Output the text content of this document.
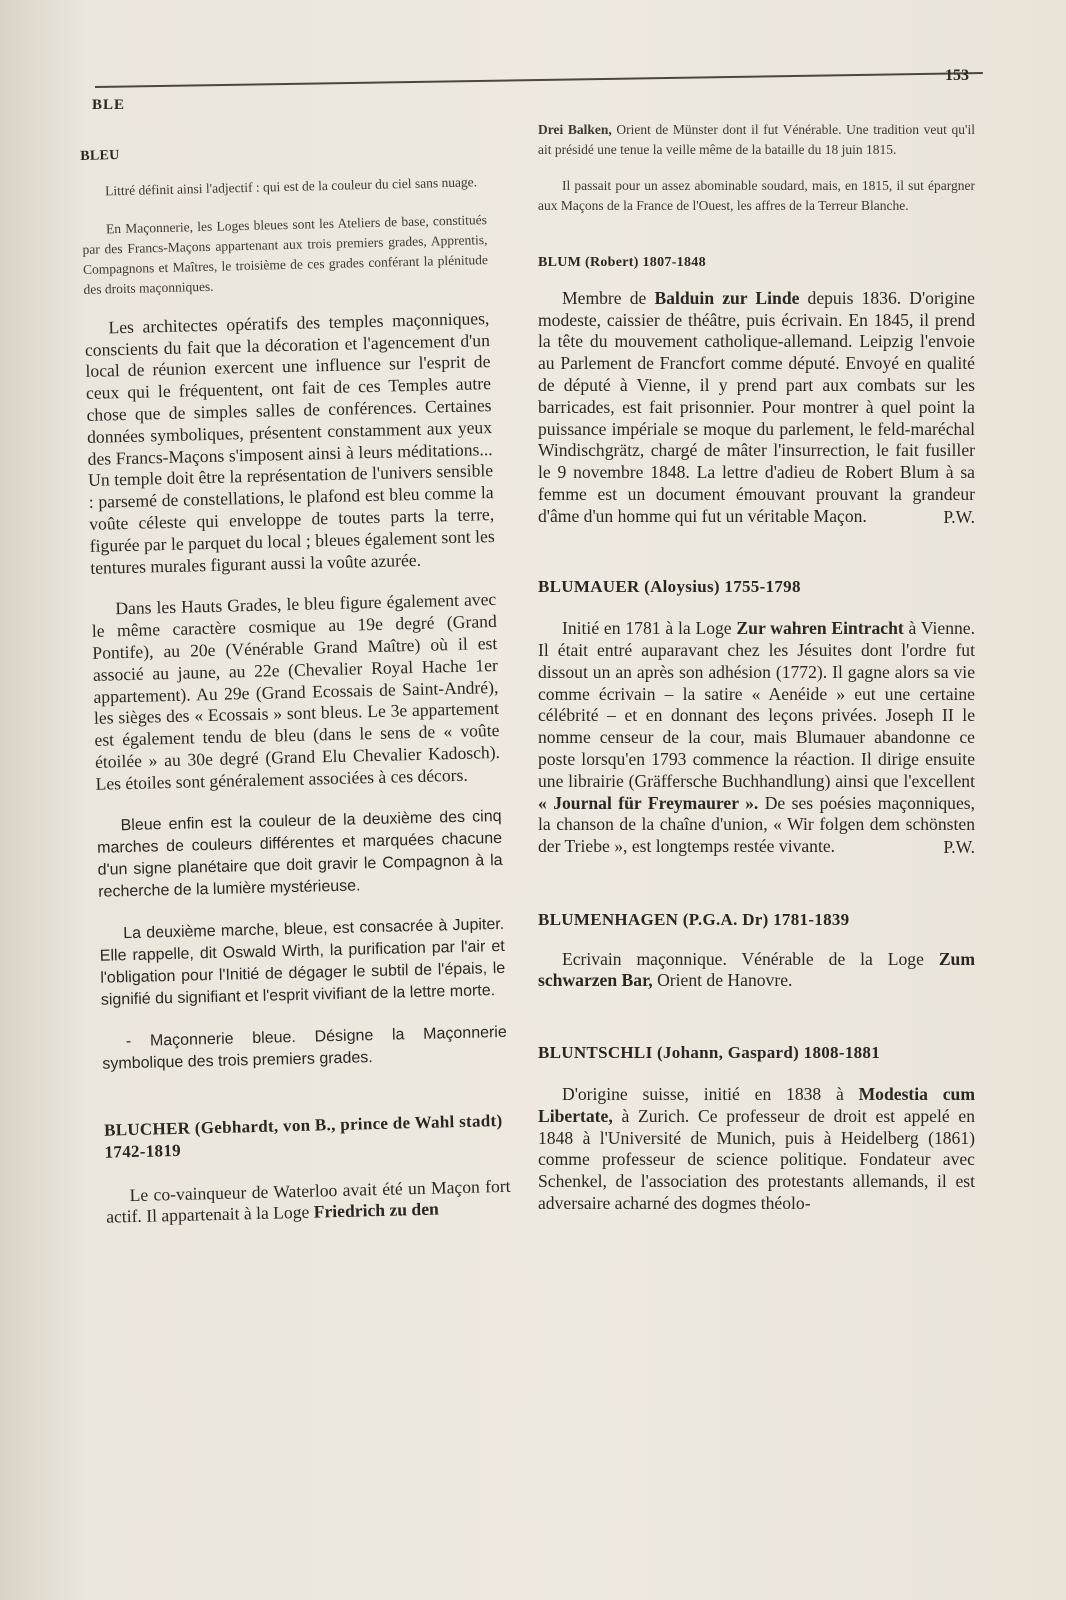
BLE
153
BLEU

Littré définit ainsi l'adjectif : qui est de la couleur du ciel sans nuage.

En Maçonnerie, les Loges bleues sont les Ateliers de base, constitués par des Francs-Maçons appartenant aux trois premiers grades, Apprentis, Compagnons et Maîtres, le troisième de ces grades conférant la plénitude des droits maçonniques.

Les architectes opératifs des temples maçonniques, conscients du fait que la décoration et l'agencement d'un local de réunion exercent une influence sur l'esprit de ceux qui le fréquentent, ont fait de ces Temples autre chose que de simples salles de conférences. Certaines données symboliques, présentent constamment aux yeux des Francs-Maçons s'imposent ainsi à leurs méditations... Un temple doit être la représentation de l'univers sensible : parsemé de constellations, le plafond est bleu comme la voûte céleste qui enveloppe de toutes parts la terre, figurée par le parquet du local ; bleues également sont les tentures murales figurant aussi la voûte azurée.

Dans les Hauts Grades, le bleu figure également avec le même caractère cosmique au 19e degré (Grand Pontife), au 20e (Vénérable Grand Maître) où il est associé au jaune, au 22e (Chevalier Royal Hache 1er appartement). Au 29e (Grand Ecossais de Saint-André), les sièges des « Ecossais » sont bleus. Le 3e appartement est également tendu de bleu (dans le sens de « voûte étoilée » au 30e degré (Grand Elu Chevalier Kadosch). Les étoiles sont généralement associées à ces décors.

Bleue enfin est la couleur de la deuxième des cinq marches de couleurs différentes et marquées chacune d'un signe planétaire que doit gravir le Compagnon à la recherche de la lumière mystérieuse.

La deuxième marche, bleue, est consacrée à Jupiter. Elle rappelle, dit Oswald Wirth, la purification par l'air et l'obligation pour l'Initié de dégager le subtil de l'épais, le signifié du signifiant et l'esprit vivifiant de la lettre morte.

- Maçonnerie bleue. Désigne la Maçonnerie symbolique des trois premiers grades.

BLUCHER (Gebhardt, von B., prince de Wahl stadt) 1742-1819

Le co-vainqueur de Waterloo avait été un Maçon fort actif. Il appartenait à la Loge Friedrich zu den

Drei Balken, Orient de Münster dont il fut Vénérable. Une tradition veut qu'il ait présidé une tenue la veille même de la bataille du 18 juin 1815.

Il passait pour un assez abominable soudard, mais, en 1815, il sut épargner aux Maçons de la France de l'Ouest, les affres de la Terreur Blanche.

BLUM (Robert) 1807-1848

Membre de Balduin zur Linde depuis 1836. D'origine modeste, caissier de théâtre, puis écrivain. En 1845, il prend la tête du mouvement catholique-allemand. Leipzig l'envoie au Parlement de Francfort comme député. Envoyé en qualité de député à Vienne, il y prend part aux combats sur les barricades, est fait prisonnier. Pour montrer à quel point la puissance impériale se moque du parlement, le feld-maréchal Windischgrätz, chargé de mâter l'insurrection, le fait fusiller le 9 novembre 1848. La lettre d'adieu de Robert Blum à sa femme est un document émouvant prouvant la grandeur d'âme d'un homme qui fut un véritable Maçon.	P.W.
BLUMAUER (Aloysius) 1755-1798

Initié en 1781 à la Loge Zur wahren Eintracht à Vienne. Il était entré auparavant chez les Jésuites dont l'ordre fut dissout un an après son adhésion (1772). Il gagne alors sa vie comme écrivain – la satire « Aenéide » eut une certaine célébrité – et en donnant des leçons privées. Joseph II le nomme censeur de la cour, mais Blumauer abandonne ce poste lorsqu'en 1793 commence la réaction. Il dirige ensuite une librairie (Gräffersche Buchhandlung) ainsi que l'excellent « Journal für Freymaurer ». De ses poésies maçonniques, la chanson de la chaîne d'union, « Wir folgen dem schönsten der Triebe », est longtemps restée vivante.	P.W.
BLUMENHAGEN (P.G.A. Dr) 1781-1839

Ecrivain maçonnique. Vénérable de la Loge Zum schwarzen Bar, Orient de Hanovre.

BLUNTSCHLI (Johann, Gaspard) 1808-1881

D'origine suisse, initié en 1838 à Modestia cum Libertate, à Zurich. Ce professeur de droit est appelé en 1848 à l'Université de Munich, puis à Heidelberg (1861) comme professeur de science politique. Fondateur avec Schenkel, de l'association des protestants allemands, il est adversaire acharné des dogmes théolo-
